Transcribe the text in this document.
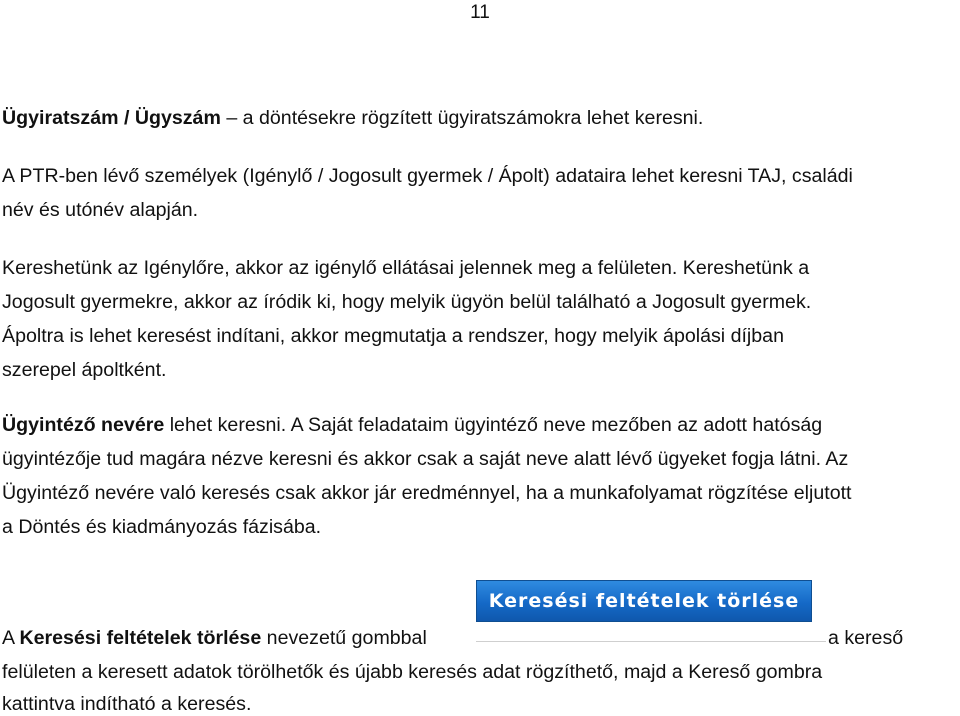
11
Ügyiratszám / Ügyszám – a döntésekre rögzített ügyiratszámokra lehet keresni.
A PTR-ben lévő személyek (Igénylő / Jogosult gyermek / Ápolt) adataira lehet keresni TAJ, családi
név és utónév alapján.
Kereshetünk az Igénylőre, akkor az igénylő ellátásai jelennek meg a felületen. Kereshetünk a
Jogosult gyermekre, akkor az íródik ki, hogy melyik ügyön belül található a Jogosult gyermek.
Ápoltra is lehet keresést indítani, akkor megmutatja a rendszer, hogy melyik ápolási díjban
szerepel ápoltként.
Ügyintéző nevére lehet keresni. A Saját feladataim ügyintéző neve mezőben az adott hatóság
ügyintézője tud magára nézve keresni és akkor csak a saját neve alatt lévő ügyeket fogja látni. Az
Ügyintéző nevére való keresés csak akkor jár eredménnyel, ha a munkafolyamat rögzítése eljutott
a Döntés és kiadmányozás fázisába.
Keresési feltételek törlése
A Keresési feltételek törlése nevezetű gombbal	a kereső
felületen a keresett adatok törölhetők és újabb keresés adat rögzíthető, majd a Kereső gombra
kattintva indítható a keresés.
